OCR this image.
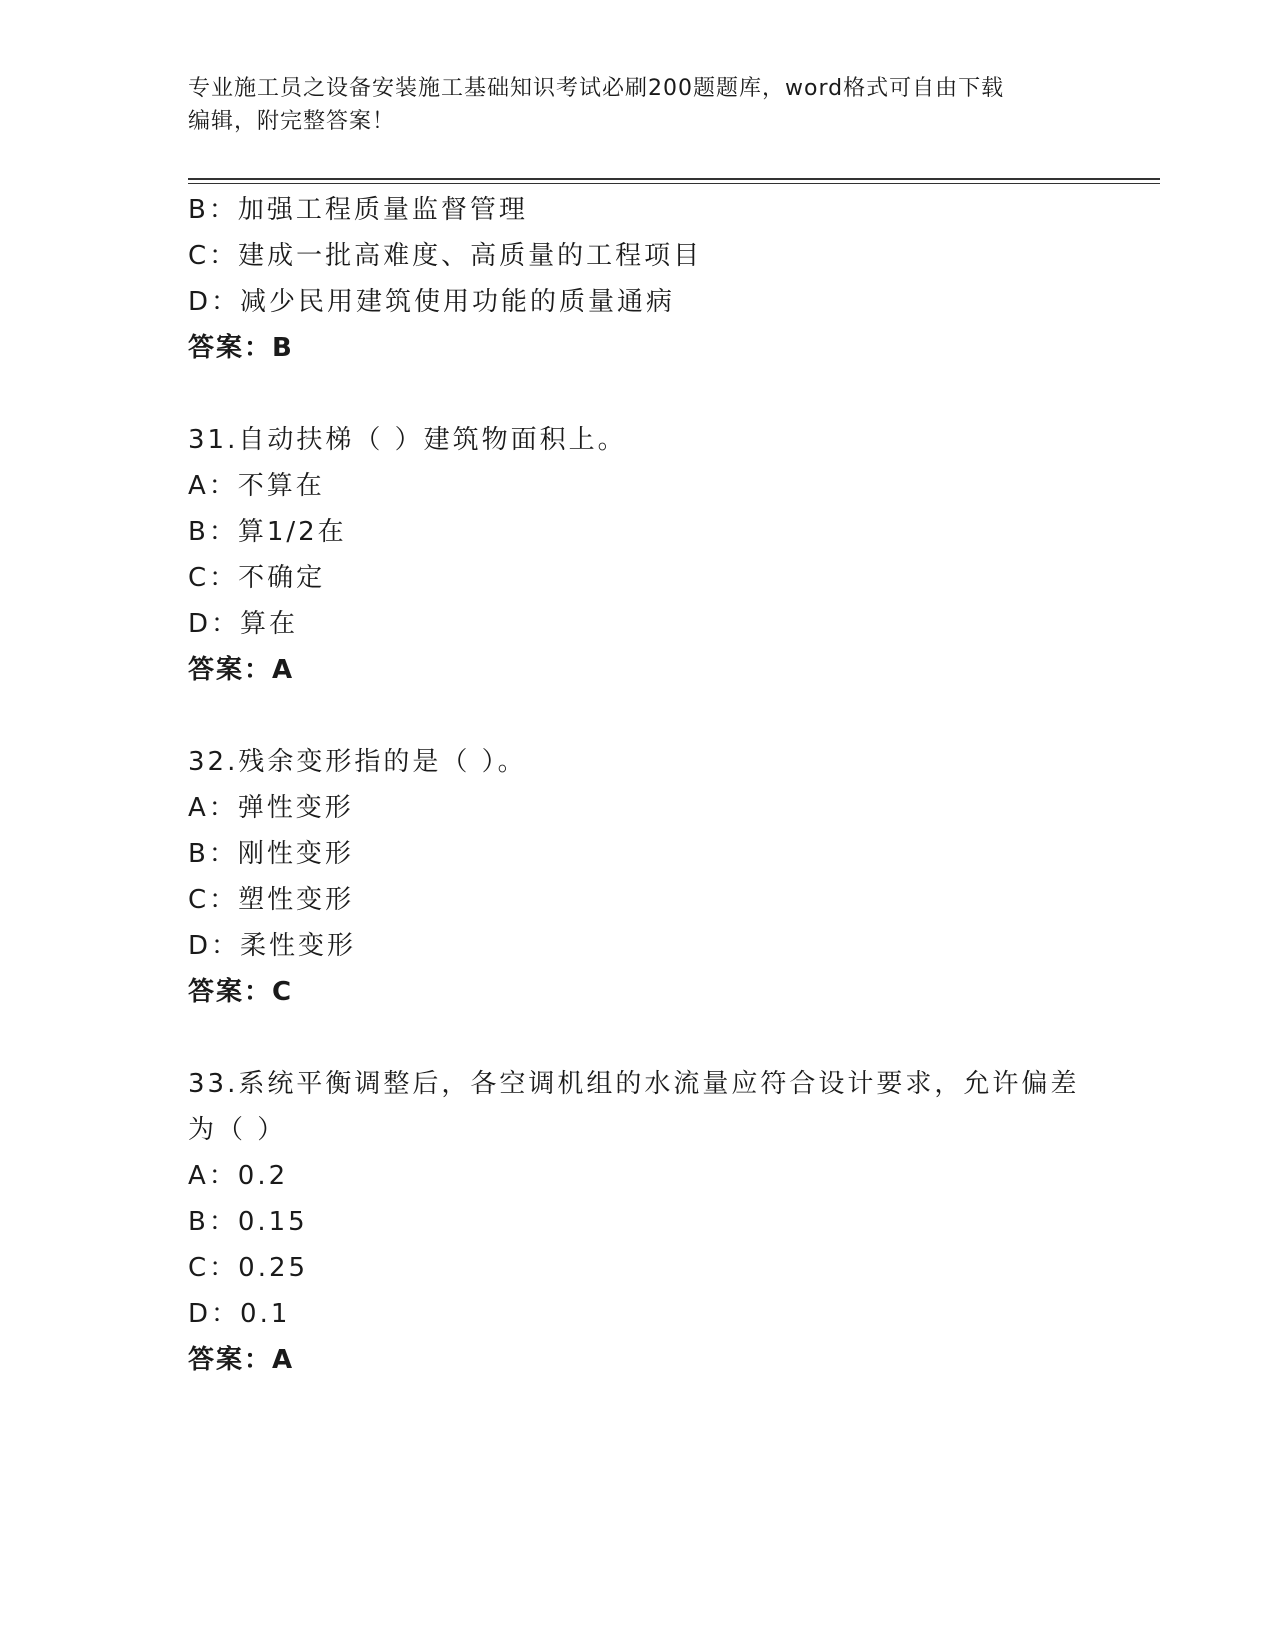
专业施工员之设备安装施工基础知识考试必刷200题题库，word格式可自由下载
编辑，附完整答案！
B：加强工程质量监督管理
C：建成一批高难度、高质量的工程项目
D：减少民用建筑使用功能的质量通病
答案：B
31.自动扶梯（ ）建筑物面积上。
A：不算在
B：算1/2在
C：不确定
D：算在
答案：A
32.残余变形指的是（ ）。
A：弹性变形
B：刚性变形
C：塑性变形
D：柔性变形
答案：C
33.系统平衡调整后，各空调机组的水流量应符合设计要求，允许偏差
为（ ）
A：0.2
B：0.15
C：0.25
D：0.1
答案：A
